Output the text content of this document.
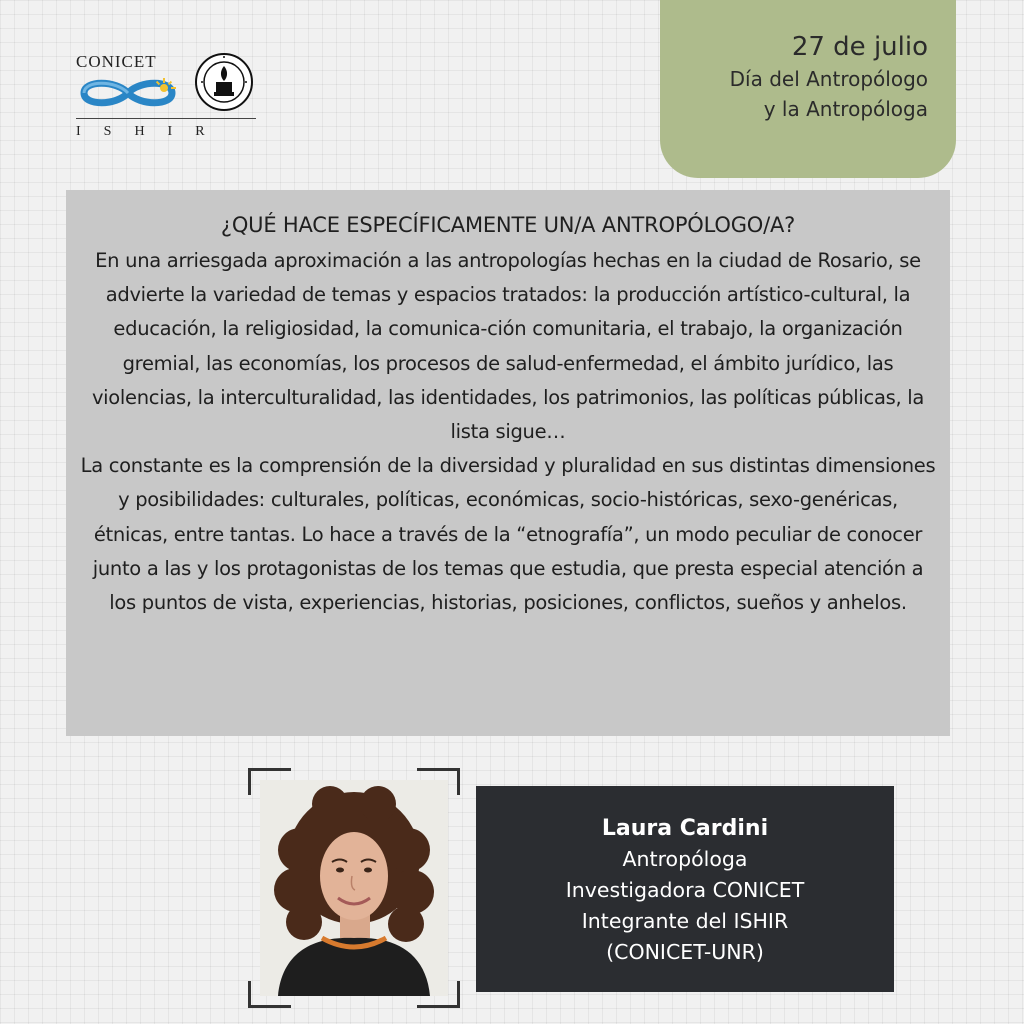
CONICET
ISHIR
27 de julio
Día del Antropólogo
y la Antropóloga
¿QUÉ HACE ESPECÍFICAMENTE UN/A ANTROPÓLOGO/A?

En una arriesgada aproximación a las antropologías hechas en la ciudad de Rosario, se advierte la variedad de temas y espacios tratados: la producción artístico-cultural, la educación, la religiosidad, la comunica-ción comunitaria, el trabajo, la organización gremial, las economías, los procesos de salud-enfermedad, el ámbito jurídico, las violencias, la interculturalidad, las identidades, los patrimonios, las políticas públicas, la lista sigue…

La constante es la comprensión de la diversidad y pluralidad en sus distintas dimensiones y posibilidades: culturales, políticas, económicas, socio-históricas, sexo-genéricas, étnicas, entre tantas. Lo hace a través de la “etnografía”, un modo peculiar de conocer junto a las y los protagonistas de los temas que estudia, que presta especial atención a los puntos de vista, experiencias, historias, posiciones, conflictos, sueños y anhelos.

Laura Cardini
Antropóloga
Investigadora CONICET
Integrante del ISHIR
(CONICET-UNR)
